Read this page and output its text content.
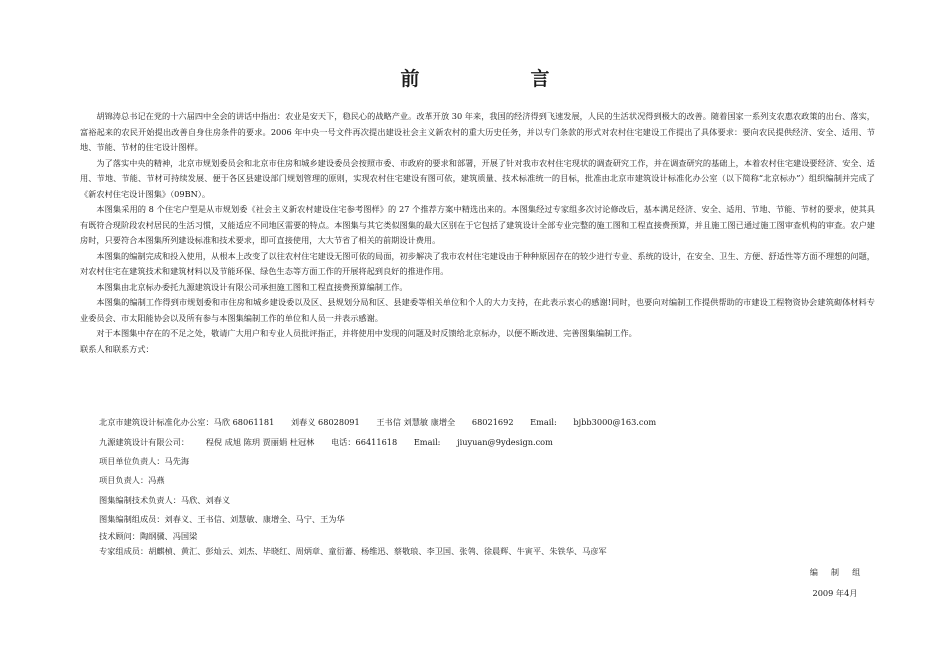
前　言

胡锦涛总书记在党的十六届四中全会的讲话中指出：农业是安天下，稳民心的战略产业。改革开放 30 年来，我国的经济得到飞速发展，人民的生活状况得到极大的改善。随着国家一系列支农惠农政策的出台、落实，富裕起来的农民开始提出改善自身住房条件的要求。2006 年中央一号文件再次提出建设社会主义新农村的重大历史任务，并以专门条款的形式对农村住宅建设工作提出了具体要求：要向农民提供经济、安全、适用、节地、节能、节材的住宅设计图样。

为了落实中央的精神，北京市规划委员会和北京市住房和城乡建设委员会按照市委、市政府的要求和部署，开展了针对我市农村住宅现状的调查研究工作，并在调查研究的基础上，本着农村住宅建设要经济、安全、适用、节地、节能、节材可持续发展、便于各区县建设部门规划管理的原则，实现农村住宅建设有图可依，建筑质量、技术标准统一的目标，批准由北京市建筑设计标准化办公室（以下简称“北京标办”）组织编制并完成了《新农村住宅设计图集》（09BN）。

本图集采用的 8 个住宅户型是从市规划委《社会主义新农村建设住宅参考图样》的 27 个推荐方案中精选出来的。本图集经过专家组多次讨论修改后，基本满足经济、安全、适用、节地、节能、节材的要求，使其具有既符合现阶段农村居民的生活习惯，又能适应不同地区需要的特点。本图集与其它类似图集的最大区别在于它包括了建筑设计全部专业完整的施工图和工程直接费预算，并且施工图已通过施工图审查机构的审查。农户建房时，只要符合本图集所列建设标准和技术要求，即可直接使用，大大节省了相关的前期设计费用。

本图集的编制完成和投入使用，从根本上改变了以往农村住宅建设无图可依的局面，初步解决了我市农村住宅建设由于种种原因存在的较少进行专业、系统的设计，在安全、卫生、方便、舒适性等方面不理想的问题，对农村住宅在建筑技术和建筑材料以及节能环保、绿色生态等方面工作的开展将起到良好的推进作用。

本图集由北京标办委托九源建筑设计有限公司承担施工图和工程直接费预算编制工作。

本图集的编制工作得到市规划委和市住房和城乡建设委以及区、县规划分局和区、县建委等相关单位和个人的大力支持，在此表示衷心的感谢!同时，也要向对编制工作提供帮助的市建设工程物资协会建筑砌体材料专业委员会、市太阳能协会以及所有参与本图集编制工作的单位和人员一并表示感谢。

对于本图集中存在的不足之处，敬请广大用户和专业人员批评指正，并将使用中发现的问题及时反馈给北京标办，以便不断改进、完善图集编制工作。

联系人和联系方式：

北京市建筑设计标准化办公室：马欣 68061181 刘春义 68028091 王书信 刘慧敏 康增全 68021692 Email: bjbb3000@163.com
九源建筑设计有限公司： 程倪 成旭 陈玥 贾丽娟 杜冠林 电话：66411618 Email: jiuyuan@9ydesign.com
项目单位负责人：马先海
项目负责人：冯燕
图集编制技术负责人：马欣、刘春义
图集编制组成员：刘春义、王书信、刘慧敏、康增全、马宁、王为华
技术顾问：陶纲骥、冯国梁
专家组成员：胡麒楨、黄汇、彭灿云、刘杰、毕晓红、周炳章、童衍蕃、杨维迅、蔡敬琅、李卫国、张鸰、徐晨辉、牛寅平、朱铁华、马彦军
编制组
2009 年4月
